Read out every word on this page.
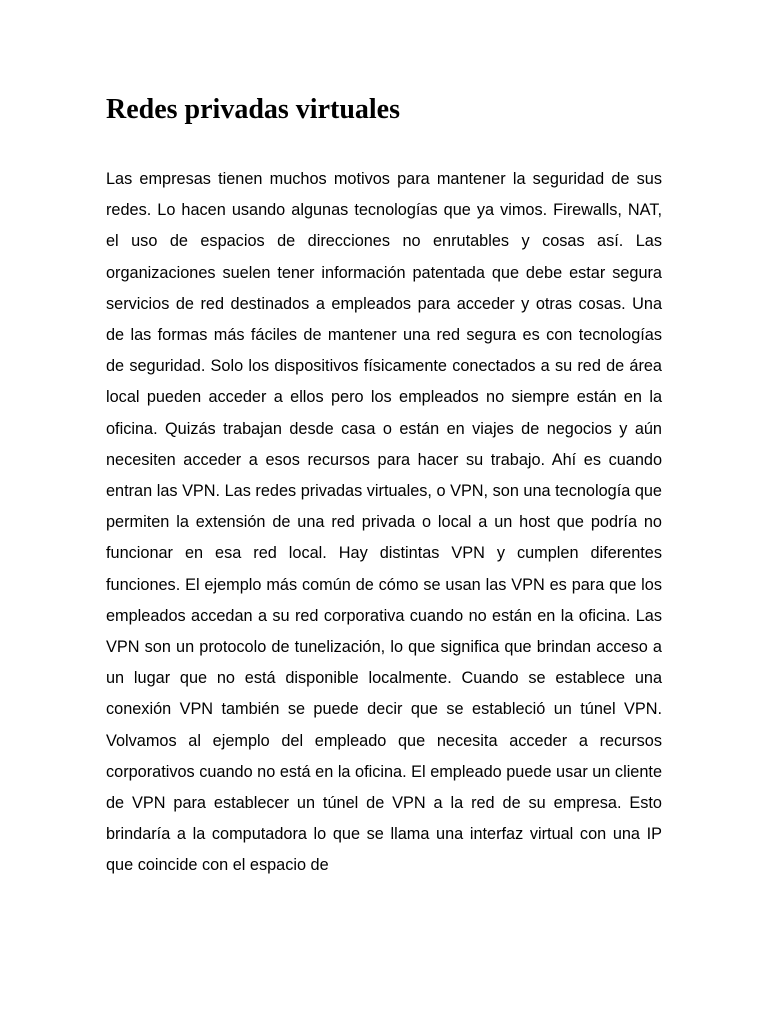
Redes privadas virtuales

Las empresas tienen muchos motivos para mantener la seguridad de sus redes. Lo hacen usando algunas tecnologías que ya vimos. Firewalls, NAT, el uso de espacios de direcciones no enrutables y cosas así. Las organizaciones suelen tener información patentada que debe estar segura servicios de red destinados a empleados para acceder y otras cosas. Una de las formas más fáciles de mantener una red segura es con tecnologías de seguridad. Solo los dispositivos físicamente conectados a su red de área local pueden acceder a ellos pero los empleados no siempre están en la oficina. Quizás trabajan desde casa o están en viajes de negocios y aún necesiten acceder a esos recursos para hacer su trabajo. Ahí es cuando entran las VPN. Las redes privadas virtuales, o VPN, son una tecnología que permiten la extensión de una red privada o local a un host que podría no funcionar en esa red local. Hay distintas VPN y cumplen diferentes funciones. El ejemplo más común de cómo se usan las VPN es para que los empleados accedan a su red corporativa cuando no están en la oficina. Las VPN son un protocolo de tunelización, lo que significa que brindan acceso a un lugar que no está disponible localmente. Cuando se establece una conexión VPN también se puede decir que se estableció un túnel VPN. Volvamos al ejemplo del empleado que necesita acceder a recursos corporativos cuando no está en la oficina. El empleado puede usar un cliente de VPN para establecer un túnel de VPN a la red de su empresa. Esto brindaría a la computadora lo que se llama una interfaz virtual con una IP que coincide con el espacio de
